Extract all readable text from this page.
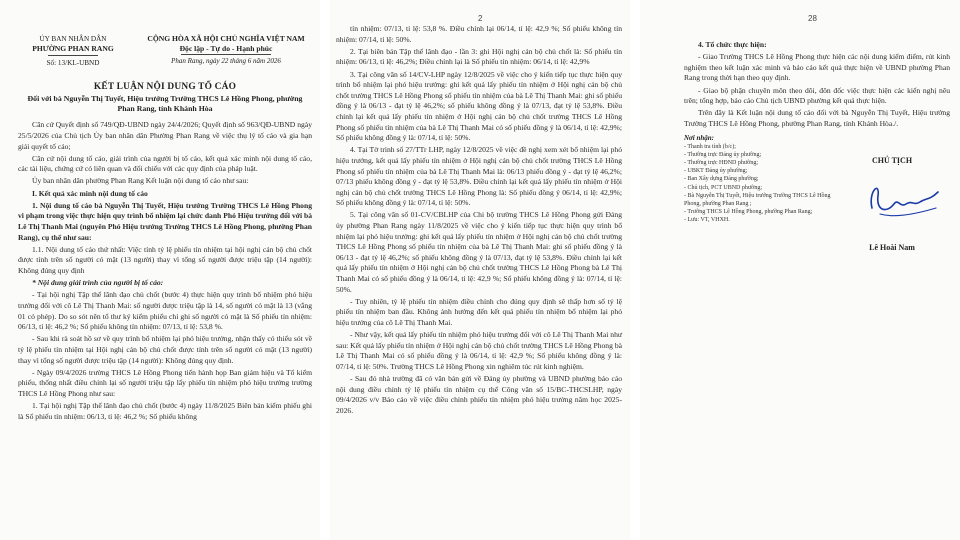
ỦY BAN NHÂN DÂN
PHƯỜNG PHAN RANG
Số: 13/KL-UBND
CỘNG HÒA XÃ HỘI CHỦ NGHĨA VIỆT NAM
Độc lập - Tự do - Hạnh phúc
Phan Rang, ngày 22 tháng 6 năm 2026
KẾT LUẬN NỘI DUNG TỐ CÁO
Đối với bà Nguyễn Thị Tuyết, Hiệu trưởng Trường THCS Lê Hồng Phong, phường Phan Rang, tỉnh Khánh Hòa

Căn cứ Quyết định số 749/QĐ-UBND ngày 24/4/2026; Quyết định số 963/QĐ-UBND ngày 25/5/2026 của Chủ tịch Ủy ban nhân dân Phường Phan Rang về việc thụ lý tố cáo và gia hạn giải quyết tố cáo;

Căn cứ nội dung tố cáo, giải trình của người bị tố cáo, kết quả xác minh nội dung tố cáo, các tài liệu, chứng cứ có liên quan và đối chiếu với các quy định của pháp luật.

Ủy ban nhân dân phường Phan Rang Kết luận nội dung tố cáo như sau:

I. Kết quả xác minh nội dung tố cáo

1. Nội dung tố cáo bà Nguyễn Thị Tuyết, Hiệu trưởng Trường THCS Lê Hồng Phong vi phạm trong việc thực hiện quy trình bổ nhiệm lại chức danh Phó Hiệu trưởng đối với bà Lê Thị Thanh Mai (nguyên Phó Hiệu trưởng Trường THCS Lê Hồng Phong, phường Phan Rang), cụ thể như sau:

1.1. Nội dung tố cáo thứ nhất: Việc tính tỷ lệ phiếu tín nhiệm tại hội nghị cán bộ chủ chốt được tính trên số người có mặt (13 người) thay vì tổng số người được triệu tập (14 người): Không đúng quy định

* Nội dung giải trình của người bị tố cáo:

- Tại hội nghị Tập thể lãnh đạo chủ chốt (bước 4) thực hiện quy trình bổ nhiệm phó hiệu trưởng đối với cô Lê Thị Thanh Mai: số người được triệu tập là 14, số người có mặt là 13 (vắng 01 có phép). Do so sót nên tổ thư ký kiểm phiếu chỉ ghi số người có mặt là Số phiếu tín nhiệm: 06/13, tỉ lệ: 46,2 %; Số phiếu không tín nhiệm: 07/13, tỉ lệ: 53,8 %.

- Sau khi rà soát hồ sơ về quy trình bổ nhiệm lại phó hiệu trưởng, nhận thấy có thiếu sót về tỷ lệ phiếu tín nhiệm tại Hội nghị cán bộ chủ chốt được tính trên số người có mặt (13 người) thay vì tổng số người được triệu tập (14 người): Không đúng quy định.

- Ngày 09/4/2026 trường THCS Lê Hồng Phong tiến hành họp Ban giám hiệu và Tổ kiểm phiếu, thống nhất điều chỉnh lại số người triệu tập lấy phiếu tín nhiệm phó hiệu trưởng trường THCS Lê Hồng Phong như sau:

1. Tại hội nghị Tập thể lãnh đạo chủ chốt (bước 4) ngày 11/8/2025 Biên bản kiểm phiếu ghi là Số phiếu tín nhiệm: 06/13, tỉ lệ: 46,2 %; Số phiếu không

2

tín nhiệm: 07/13, tỉ lệ: 53,8 %. Điều chỉnh lại 06/14, tỉ lệ: 42,9 %; Số phiếu không tín nhiệm: 07/14, tỉ lệ: 50%.

2. Tại biên bản Tập thể lãnh đạo - lần 3: ghi Hội nghị cán bộ chủ chốt là: Số phiếu tín nhiệm: 06/13, tỉ lệ: 46,2%; Điều chỉnh lại là Số phiếu tín nhiệm: 06/14, tỉ lệ: 42,9%

3. Tại công văn số 14/CV-LHP ngày 12/8/2025 về việc cho ý kiến tiếp tục thực hiện quy trình bổ nhiệm lại phó hiệu trưởng: ghi kết quả lấy phiếu tín nhiệm ở Hội nghị cán bộ chủ chốt trường THCS Lê Hồng Phong số phiếu tín nhiệm của bà Lê Thị Thanh Mai: ghi số phiếu đồng ý là 06/13 - đạt tỷ lệ 46,2%; số phiếu không đồng ý là 07/13, đạt tỷ lệ 53,8%. Điều chỉnh lại kết quả lấy phiếu tín nhiệm ở Hội nghị cán bộ chủ chốt trường THCS Lê Hồng Phong số phiếu tín nhiệm của bà Lê Thị Thanh Mai có số phiếu đồng ý là 06/14, tỉ lệ: 42,9%; Số phiếu không đồng ý là: 07/14, tỉ lệ: 50%.

4. Tại Tờ trình số 27/TTr LHP, ngày 12/8/2025 về việc đề nghị xem xét bổ nhiệm lại phó hiệu trưởng, kết quả lấy phiếu tín nhiệm ở Hội nghị cán bộ chủ chốt trường THCS Lê Hồng Phong số phiếu tín nhiệm của bà Lê Thị Thanh Mai là: 06/13 phiếu đồng ý - đạt tỷ lệ 46,2%; 07/13 phiếu không đồng ý - đạt tỷ lệ 53,8%. Điều chỉnh lại kết quả lấy phiếu tín nhiệm ở Hội nghị cán bộ chủ chốt trường THCS Lê Hồng Phong là: Số phiếu đồng ý 06/14, tỉ lệ: 42,9%; Số phiếu không đồng ý là: 07/14, tỉ lệ: 50%.

5. Tại công văn số 01-CV/CBLHP của Chi bộ trường THCS Lê Hồng Phong gửi Đảng ủy phường Phan Rang ngày 11/8/2025 về việc cho ý kiến tiếp tục thực hiện quy trình bổ nhiệm lại phó hiệu trưởng: ghi kết quả lấy phiếu tín nhiệm ở Hội nghị cán bộ chủ chốt trường THCS Lê Hồng Phong số phiếu tín nhiệm của bà Lê Thị Thanh Mai: ghi số phiếu đồng ý là 06/13 - đạt tỷ lệ 46,2%; số phiếu không đồng ý là 07/13, đạt tỷ lệ 53,8%. Điều chỉnh lại kết quả lấy phiếu tín nhiệm ở Hội nghị cán bộ chủ chốt trường THCS Lê Hồng Phong bà Lê Thị Thanh Mai có số phiếu đồng ý là 06/14, tỉ lệ: 42,9 %; Số phiếu không đồng ý là: 07/14, tỉ lệ: 50%.

- Tuy nhiên, tỷ lệ phiếu tín nhiệm điều chỉnh cho đúng quy định sẽ thấp hơn số tỷ lệ phiếu tín nhiệm ban đầu. Không ảnh hưởng đến kết quả phiếu tín nhiệm bổ nhiệm lại phó hiệu trưởng của cô Lê Thị Thanh Mai.

- Như vậy, kết quả lấy phiếu tín nhiệm phó hiệu trưởng đối với cô Lê Thị Thanh Mai như sau: Kết quả lấy phiếu tín nhiệm ở Hội nghị cán bộ chủ chốt trường THCS Lê Hồng Phong bà Lê Thị Thanh Mai có số phiếu đồng ý là 06/14, tỉ lệ: 42,9 %; Số phiếu không đồng ý là: 07/14, tỉ lệ: 50%. Trường THCS Lê Hồng Phong xin nghiêm túc rút kinh nghiệm.

- Sau đó nhà trường đã có văn bản gửi về Đảng ủy phường và UBND phường báo cáo nội dung điều chỉnh tỷ lệ phiếu tín nhiệm cụ thể Công văn số 15/BC-THCSLHP, ngày 09/4/2026 v/v Báo cáo về việc điều chỉnh phiếu tín nhiệm phó hiệu trưởng năm học 2025-2026.

28

4. Tổ chức thực hiện:

- Giao Trường THCS Lê Hồng Phong thực hiện các nội dung kiểm điểm, rút kinh nghiệm theo kết luận xác minh và báo cáo kết quả thực hiện về UBND phường Phan Rang trong thời hạn theo quy định.

- Giao bộ phận chuyên môn theo dõi, đôn đốc việc thực hiện các kiến nghị nêu trên; tổng hợp, báo cáo Chủ tịch UBND phường kết quả thực hiện.

Trên đây là Kết luận nội dung tố cáo đối với bà Nguyễn Thị Tuyết, Hiệu trưởng Trường THCS Lê Hồng Phong, phường Phan Rang, tỉnh Khánh Hòa./.

Nơi nhận:
- Thanh tra tỉnh (b/c);
- Thường trực Đảng ủy phường;
- Thường trực HĐND phường;
- UBKT Đảng ủy phường;
- Ban Xây dựng Đảng phường;
- Chủ tịch, PCT UBND phường;
- Bà Nguyễn Thị Tuyết, Hiệu trưởng Trường THCS Lê Hồng Phong, phường Phan Rang ;
- Trường THCS Lê Hồng Phong, phường Phan Rang;
- Lưu: VT, VHXH.
CHỦ TỊCH
Lê Hoài Nam
